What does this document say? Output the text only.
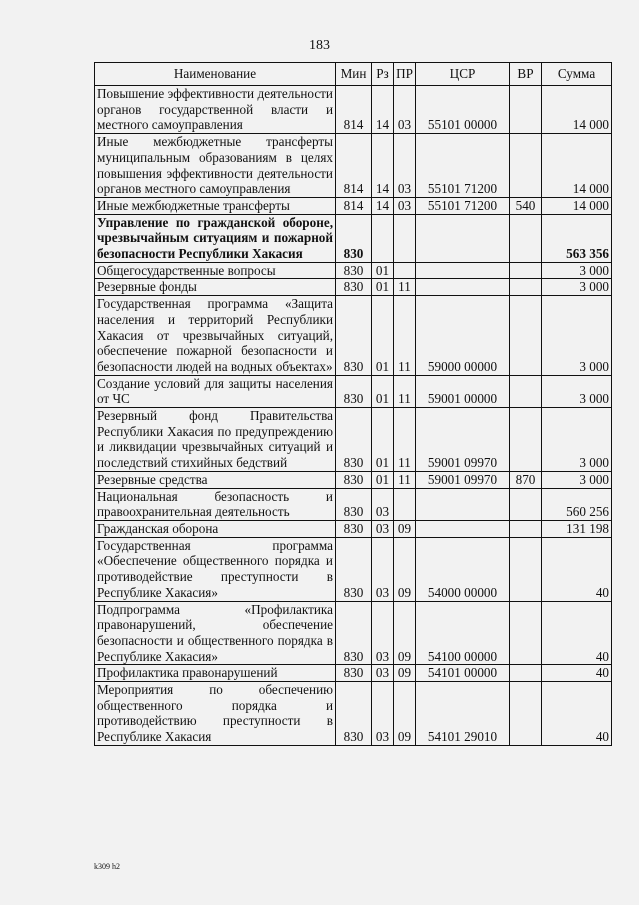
183
Наименование	Мин	Рз	ПР	ЦСР	ВР	Сумма
Повышение эффективности деятельности органов государственной власти и местного самоуправления	814	14	03	55101 00000		14 000
Иные межбюджетные трансферты муниципальным образованиям в целях повышения эффективности деятельности органов местного самоуправления	814	14	03	55101 71200		14 000
Иные межбюджетные трансферты	814	14	03	55101 71200	540	14 000
Управление по гражданской обороне, чрезвычайным ситуациям и пожарной безопасности Республики Хакасия	830					563 356
Общегосударственные вопросы	830	01				3 000
Резервные фонды	830	01	11			3 000
Государственная программа «Защита населения и территорий Республики Хакасия от чрезвычайных ситуаций, обеспечение пожарной безопасности и безопасности людей на водных объектах»	830	01	11	59000 00000		3 000
Создание условий для защиты населения от ЧС	830	01	11	59001 00000		3 000
Резервный фонд Правительства Республики Хакасия по предупреждению и ликвидации чрезвычайных ситуаций и последствий стихийных бедствий	830	01	11	59001 09970		3 000
Резервные средства	830	01	11	59001 09970	870	3 000
Национальная безопасность и правоохранительная деятельность	830	03				560 256
Гражданская оборона	830	03	09			131 198
Государственная программа «Обеспечение общественного порядка и противодействие преступности в Республике Хакасия»	830	03	09	54000 00000		40
Подпрограмма «Профилактика правонарушений, обеспечение безопасности и общественного порядка в Республике Хакасия»	830	03	09	54100 00000		40
Профилактика правонарушений	830	03	09	54101 00000		40
Мероприятия по обеспечению общественного порядка и противодействию преступности в Республике Хакасия	830	03	09	54101 29010		40
k309 h2
